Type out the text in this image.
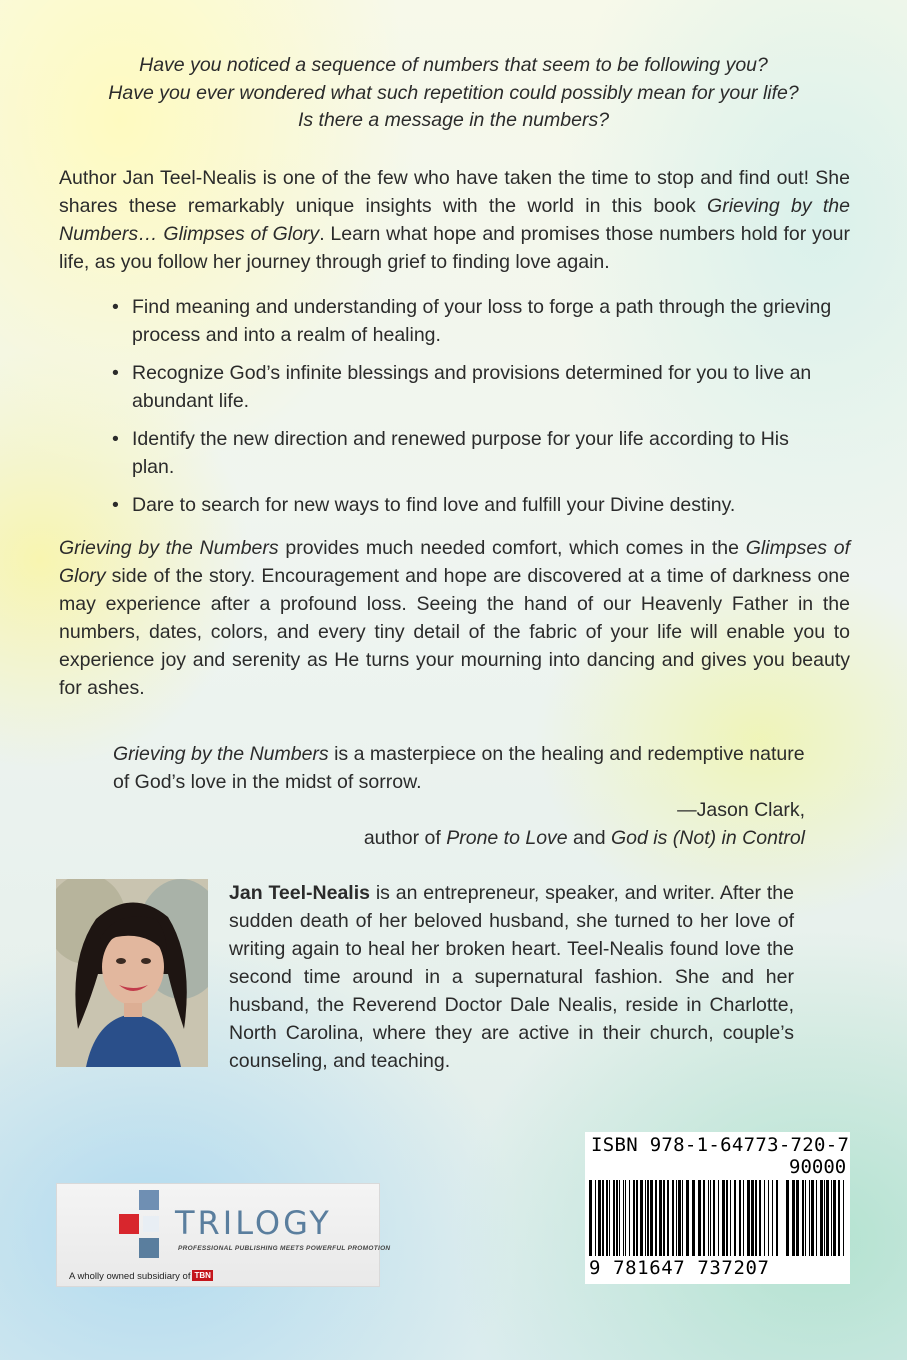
Have you noticed a sequence of numbers that seem to be following you?
Have you ever wondered what such repetition could possibly mean for your life?
Is there a message in the numbers?
Author Jan Teel-Nealis is one of the few who have taken the time to stop and find out! She shares these remarkably unique insights with the world in this book Grieving by the Numbers… Glimpses of Glory. Learn what hope and promises those numbers hold for your life, as you follow her journey through grief to finding love again.
• Find meaning and understanding of your loss to forge a path through the grieving process and into a realm of healing.
• Recognize God’s infinite blessings and provisions determined for you to live an abundant life.
• Identify the new direction and renewed purpose for your life according to His plan.
• Dare to search for new ways to find love and fulfill your Divine destiny.
Grieving by the Numbers provides much needed comfort, which comes in the Glimpses of Glory side of the story. Encouragement and hope are discovered at a time of darkness one may experience after a profound loss. Seeing the hand of our Heavenly Father in the numbers, dates, colors, and every tiny detail of the fabric of your life will enable you to experience joy and serenity as He turns your mourning into dancing and gives you beauty for ashes.
Grieving by the Numbers is a masterpiece on the healing and redemptive nature of God’s love in the midst of sorrow.
—Jason Clark,
author of Prone to Love and God is (Not) in Control
Jan Teel-Nealis is an entrepreneur, speaker, and writer. After the sudden death of her beloved husband, she turned to her love of writing again to heal her broken heart. Teel-Nealis found love the second time around in a supernatural fashion. She and her husband, the Reverend Doctor Dale Nealis, reside in Charlotte, North Carolina, where they are active in their church, couple’s counseling, and teaching.
TRILOGY
PROFESSIONAL PUBLISHING MEETS POWERFUL PROMOTION
A wholly owned subsidiary of TBN
ISBN 978-1-64773-720-7
90000
9 781647 737207
